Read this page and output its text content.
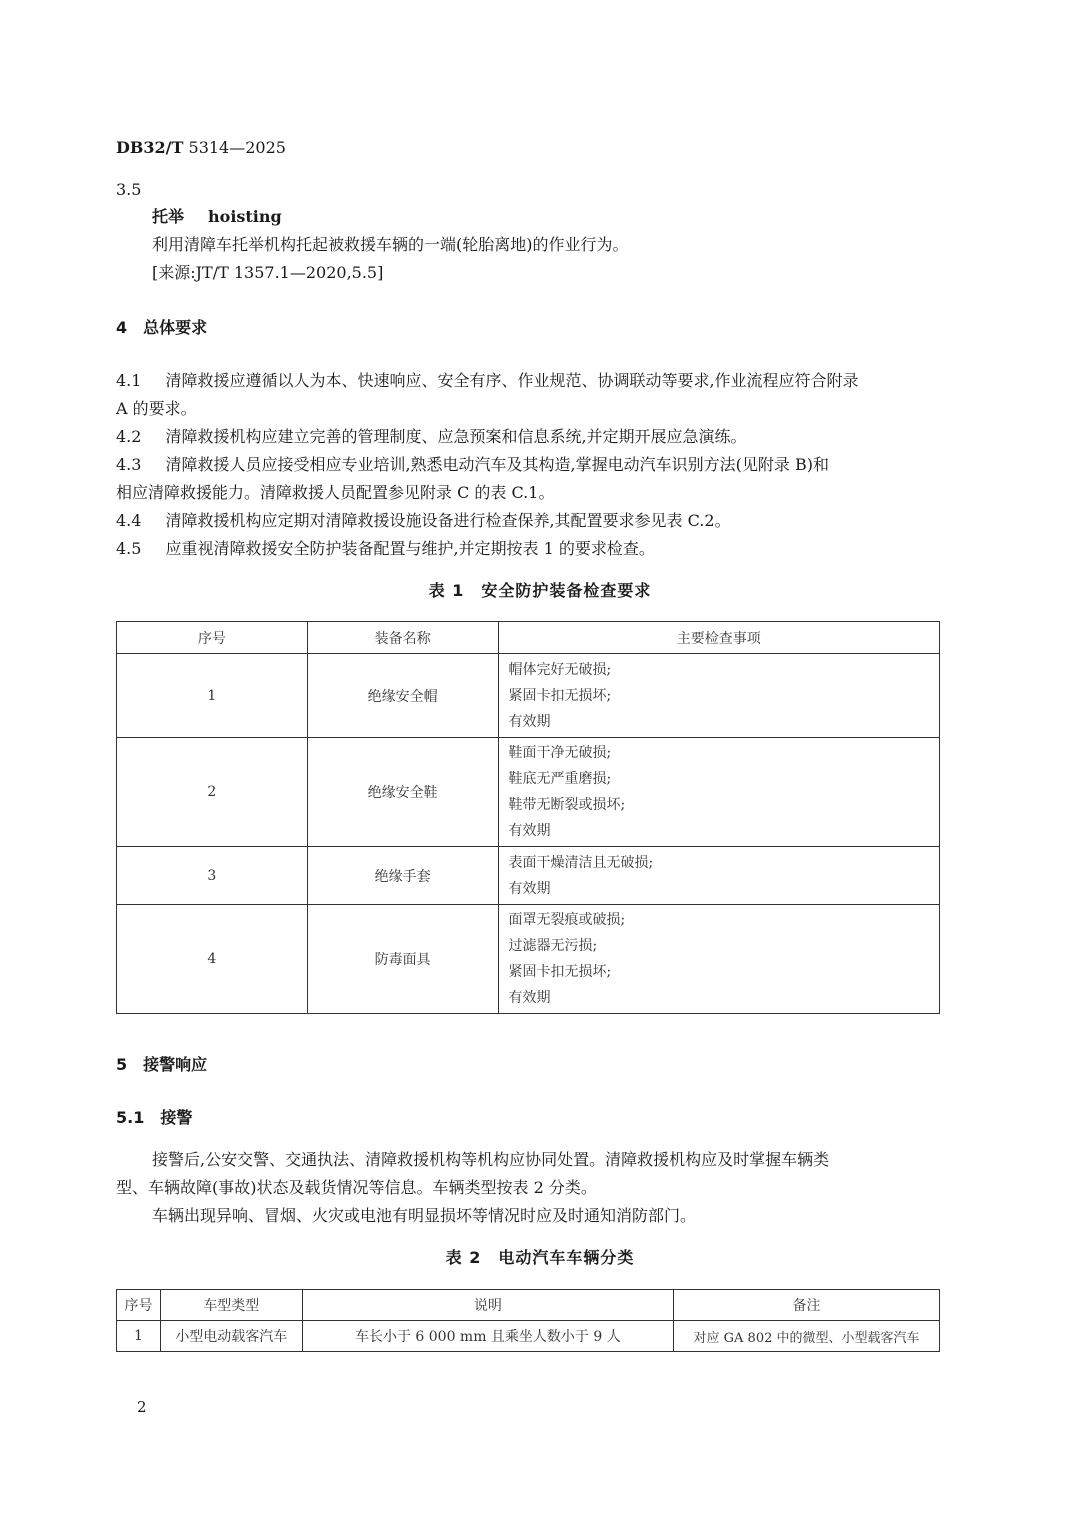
DB32/T 5314—2025
3.5
托举 hoisting
利用清障车托举机构托起被救援车辆的一端(轮胎离地)的作业行为。
[来源:JT/T 1357.1—2020,5.5]
4　总体要求
4.1 清障救援应遵循以人为本、快速响应、安全有序、作业规范、协调联动等要求,作业流程应符合附录
A 的要求。
4.2 清障救援机构应建立完善的管理制度、应急预案和信息系统,并定期开展应急演练。
4.3 清障救援人员应接受相应专业培训,熟悉电动汽车及其构造,掌握电动汽车识别方法(见附录 B)和
相应清障救援能力。清障救援人员配置参见附录 C 的表 C.1。
4.4 清障救援机构应定期对清障救援设施设备进行检查保养,其配置要求参见表 C.2。
4.5 应重视清障救援安全防护装备配置与维护,并定期按表 1 的要求检查。
表 1　安全防护装备检查要求
序号	装备名称	主要检查事项
1	绝缘安全帽	帽体完好无破损;
紧固卡扣无损坏;
有效期

2	绝缘安全鞋	鞋面干净无破损;
鞋底无严重磨损;
鞋带无断裂或损坏;
有效期

3	绝缘手套	表面干燥清洁且无破损;
有效期

4	防毒面具	面罩无裂痕或破损;
过滤器无污损;
紧固卡扣无损坏;
有效期
5　接警响应
5.1　接警
接警后,公安交警、交通执法、清障救援机构等机构应协同处置。清障救援机构应及时掌握车辆类
型、车辆故障(事故)状态及载货情况等信息。车辆类型按表 2 分类。
车辆出现异响、冒烟、火灾或电池有明显损坏等情况时应及时通知消防部门。
表 2　电动汽车车辆分类
序号	车型类型	说明	备注
1	小型电动载客汽车	车长小于 6 000 mm 且乘坐人数小于 9 人	对应 GA 802 中的微型、小型载客汽车
2
